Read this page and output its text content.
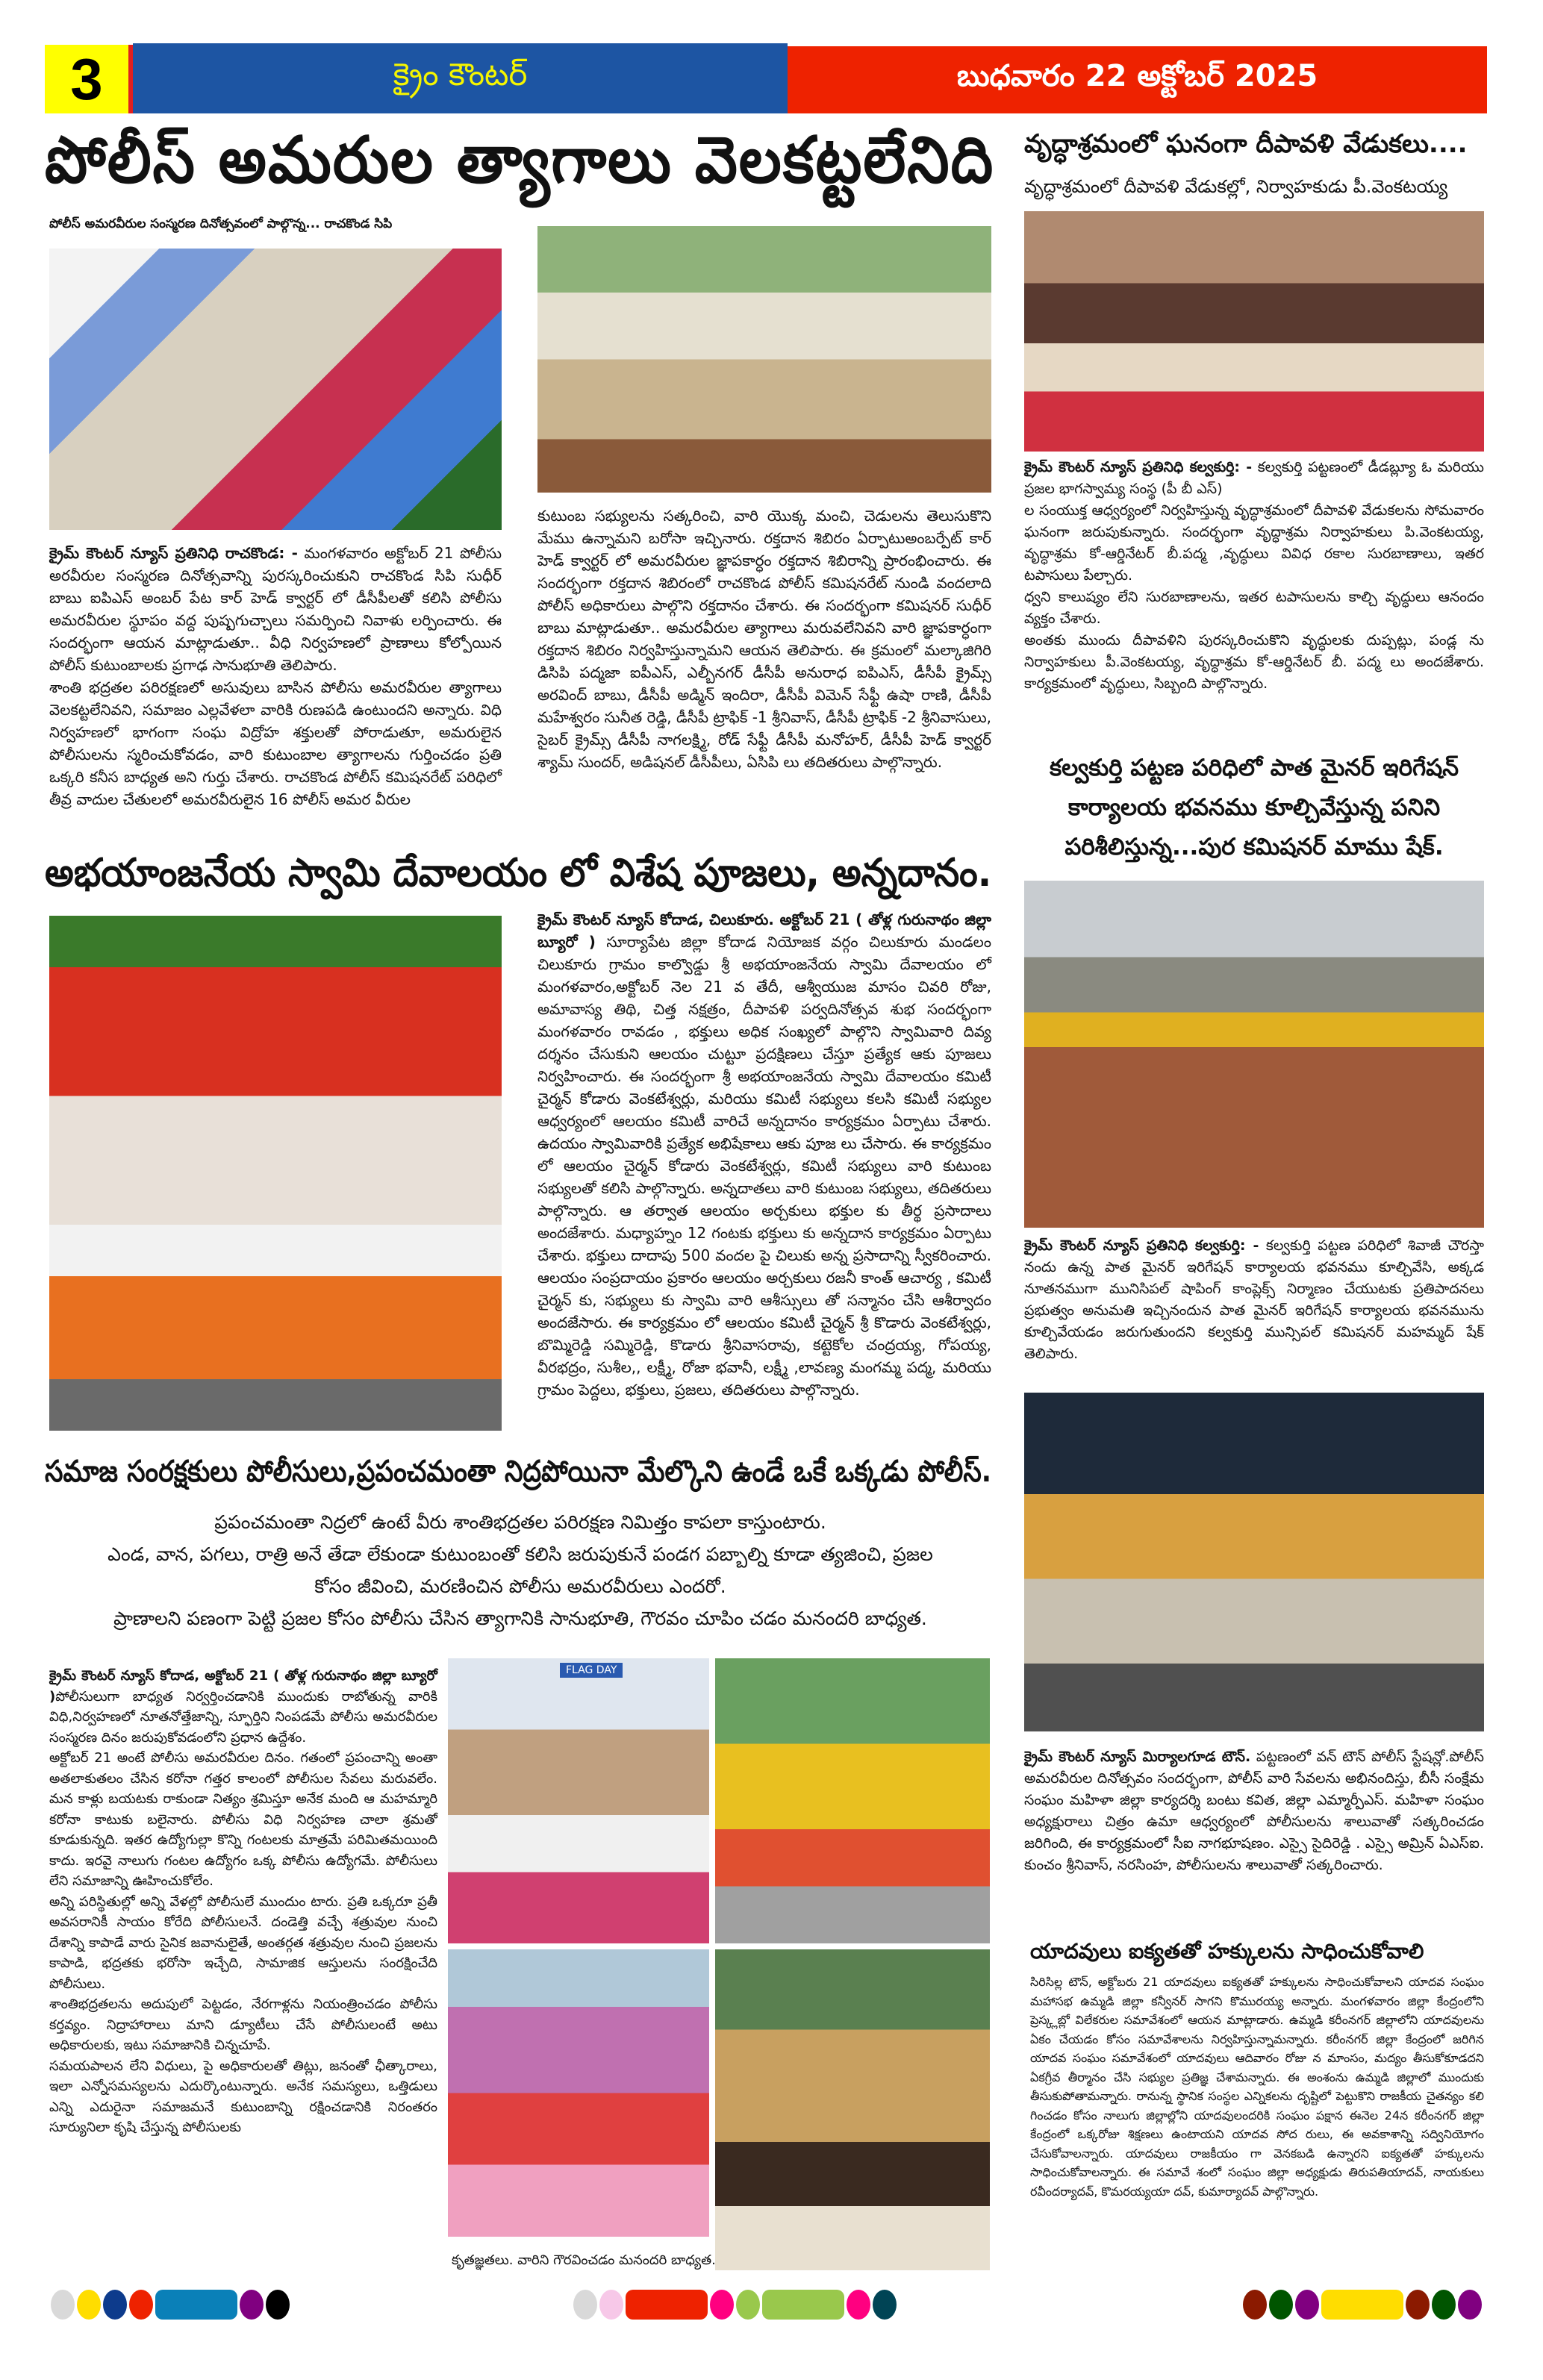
3	క్రైం కౌంటర్	బుధవారం 22 అక్టోబర్ 2025
పోలీస్ అమరుల త్యాగాలు వెలకట్టలేనిది
పోలీస్ అమరవీరుల సంస్మరణ దినోత్సవంలో పాల్గొన్న... రాచకొండ సిపి

క్రైమ్ కౌంటర్ న్యూస్ ప్రతినిధి రాచకొండ: - మంగళవారం అక్టోబర్ 21 పోలీసు అరవీరుల సంస్మరణ దినోత్సవాన్ని పురస్కరించుకుని రాచకొండ సిపి సుధీర్ బాబు ఐపిఎస్ అంబర్ పేట కార్ హెడ్ క్వార్టర్ లో డీసీపీలతో కలిసి పోలీసు అమరవీరుల స్థూపం వద్ద పుష్పగుచ్చాలు సమర్పించి నివాళు లర్పించారు. ఈ సందర్భంగా ఆయన మాట్లాడుతూ.. వీధి నిర్వహణలో ప్రాణాలు కోల్పోయిన పోలీస్ కుటుంబాలకు ప్రగాఢ సానుభూతి తెలిపారు.

శాంతి భద్రతల పరిరక్షణలో అసువులు బాసిన పోలీసు అమరవీరుల త్యాగాలు వెలకట్టలేనివని, సమాజం ఎల్లవేళలా వారికి రుణపడి ఉంటుందని అన్నారు. విధి నిర్వహణలో భాగంగా సంఘ విద్రోహ శక్తులతో పోరాడుతూ, అమరులైన పోలీసులను స్మరించుకోవడం, వారి కుటుంబాల త్యాగాలను గుర్తించడం ప్రతి ఒక్కరి కనీస బాధ్యత అని గుర్తు చేశారు. రాచకొండ పోలీస్ కమిషనరేట్ పరిధిలో తీవ్ర వాదుల చేతులలో అమరవీరులైన 16 పోలీస్ అమర వీరుల

కుటుంబ సభ్యులను సత్కరించి, వారి యొక్క మంచి, చెడులను తెలుసుకొని మేము ఉన్నామని బరోసా ఇచ్చినారు. రక్తదాన శిబిరం ఏర్పాటుఅంబర్పేట్ కార్ హెడ్ క్వార్టర్ లో అమరవీరుల జ్ఞాపకార్ధం రక్తదాన శిబిరాన్ని ప్రారంభించారు. ఈ సందర్భంగా రక్తదాన శిబిరంలో రాచకొండ పోలీస్ కమిషనరేట్ నుండి వందలాది పోలీస్ అధికారులు పాల్గొని రక్తదానం చేశారు. ఈ సందర్భంగా కమిషనర్ సుధీర్ బాబు మాట్లాడుతూ.. అమరవీరుల త్యాగాలు మరువలేనివని వారి జ్ఞాపకార్ధంగా రక్తదాన శిబిరం నిర్వహిస్తున్నామని ఆయన తెలిపారు. ఈ క్రమంలో మల్కాజిగిరి డిసిపి పద్మజా ఐపీఎస్, ఎల్బీనగర్ డీసీపీ అనురాధ ఐపిఎస్, డీసీపీ క్రైమ్స్ అరవింద్ బాబు, డీసీపీ అడ్మిన్ ఇందిరా, డీసీపీ విమెన్ సేఫ్టీ ఉషా రాణి, డీసీపీ మహేశ్వరం సునీత రెడ్డి, డీసీపీ ట్రాఫిక్ -1 శ్రీనివాస్, డీసీపీ ట్రాఫిక్ -2 శ్రీనివాసులు, సైబర్ క్రైమ్స్ డీసీపీ నాగలక్ష్మి, రోడ్ సేఫ్టీ డీసీపీ మనోహర్, డీసీపీ హెడ్ క్వార్టర్ శ్యామ్ సుందర్, అడిషనల్ డీసీపీలు, ఏసిపి లు తదితరులు పాల్గొన్నారు.

అభయాంజనేయ స్వామి దేవాలయం లో విశేష పూజలు, అన్నదానం.

క్రైమ్ కౌంటర్ న్యూస్ కోదాడ, చిలుకూరు. అక్టోబర్ 21 ( తోళ్ల గురునాథం జిల్లా బ్యూరో ) సూర్యాపేట జిల్లా కోదాడ నియోజక వర్గం చిలుకూరు మండలం చిలుకూరు గ్రామం కాల్వొడ్డు శ్రీ అభయాంజనేయ స్వామి దేవాలయం లో మంగళవారం,అక్టోబర్ నెల 21 వ తేదీ, ఆశ్వీయుజ మాసం చివరి రోజు, అమావాస్య తిథి, చిత్త నక్షత్రం, దీపావళి పర్వదినోత్సవ శుభ సందర్భంగా మంగళవారం రావడం , భక్తులు అధిక సంఖ్యలో పాల్గొని స్వామివారి దివ్య దర్శనం చేసుకుని ఆలయం చుట్టూ ప్రదక్షిణలు చేస్తూ ప్రత్యేక ఆకు పూజలు నిర్వహించారు. ఈ సందర్భంగా శ్రీ అభయాంజనేయ స్వామి దేవాలయం కమిటీ చైర్మన్ కోడారు వెంకటేశ్వర్లు, మరియు కమిటీ సభ్యులు కలసి కమిటీ సభ్యుల ఆధ్వర్యంలో ఆలయం కమిటీ వారిచే అన్నదానం కార్యక్రమం ఏర్పాటు చేశారు. ఉదయం స్వామివారికి ప్రత్యేక అభిషేకాలు ఆకు పూజ లు చేసారు. ఈ కార్యక్రమం లో ఆలయం చైర్మన్ కోడారు వెంకటేశ్వర్లు, కమిటీ సభ్యులు వారి కుటుంబ సభ్యులతో కలిసి పాల్గొన్నారు. అన్నదాతలు వారి కుటుంబ సభ్యులు, తదితరులు పాల్గొన్నారు. ఆ తర్వాత ఆలయం అర్చకులు భక్తుల కు తీర్థ ప్రసాదాలు అందజేశారు. మధ్యాహ్నం 12 గంటకు భక్తులు కు అన్నదాన కార్యక్రమం ఏర్పాటు చేశారు. భక్తులు దాదాపు 500 వందల పై చిలుకు అన్న ప్రసాదాన్ని స్వీకరించారు. ఆలయం సంప్రదాయం ప్రకారం ఆలయం అర్చకులు రజనీ కాంత్ ఆచార్య , కమిటీ చైర్మన్ కు, సభ్యులు కు స్వామి వారి ఆశీస్సులు తో సన్మానం చేసి ఆశీర్వాదం అందజేసారు. ఈ కార్యక్రమం లో ఆలయం కమిటీ చైర్మన్ శ్రీ కొడారు వెంకటేశ్వర్లు, బొమ్మిరెడ్డి సమ్మిరెడ్డి, కొడారు శ్రీనివాసరావు, కట్టెకోల చంద్రయ్య, గోపయ్య, వీరభద్రం, సుశీల,, లక్ష్మీ, రోజా భవానీ, లక్ష్మీ ,లావణ్య మంగమ్మ పద్మ, మరియు గ్రామం పెద్దలు, భక్తులు, ప్రజలు, తదితరులు పాల్గొన్నారు.

సమాజ సంరక్షకులు పోలీసులు,ప్రపంచమంతా నిద్రపోయినా మేల్కొని ఉండే ఒకే ఒక్కడు పోలీస్.
ప్రపంచమంతా నిద్రలో ఉంటే వీరు శాంతిభద్రతల పరిరక్షణ నిమిత్తం కాపలా కాస్తుంటారు.
ఎండ, వాన, పగలు, రాత్రి అనే తేడా లేకుండా కుటుంబంతో కలిసి జరుపుకునే పండగ పబ్బాల్ని కూడా త్యజించి, ప్రజల
కోసం జీవించి, మరణించిన పోలీసు అమరవీరులు ఎందరో.
ప్రాణాలని పణంగా పెట్టి ప్రజల కోసం పోలీసు చేసిన త్యాగానికి సానుభూతి, గౌరవం చూపిం చడం మనందరి బాధ్యత.

క్రైమ్ కౌంటర్ న్యూస్ కోదాడ, అక్టోబర్ 21 ( తోళ్ల గురునాథం జిల్లా బ్యూరో )పోలీసులుగా బాధ్యత నిర్వర్తించడానికి ముందుకు రాబోతున్న వారికి విధి,నిర్వహణలో నూతనోత్తేజాన్ని, స్ఫూర్తిని నింపడమే పోలీసు అమరవీరుల సంస్మరణ దినం జరుపుకోవడంలోని ప్రధాన ఉద్దేశం.

అక్టోబర్ 21 అంటే పోలీసు అమరవీరుల దినం. గతంలో ప్రపంచాన్ని అంతా అతలాకుతలం చేసిన కరోనా గత్తర కాలంలో పోలీసుల సేవలు మరువలేం. మన కాళ్లు బయటకు రాకుండా నిత్యం శ్రమిస్తూ అనేక మంది ఆ మహమ్మారి కరోనా కాటుకు బలైనారు. పోలీసు విధి నిర్వహణ చాలా శ్రమతో కూడుకున్నది. ఇతర ఉద్యోగుల్లా కొన్ని గంటలకు మాత్రమే పరిమితమయింది కాదు. ఇరవై నాలుగు గంటల ఉద్యోగం ఒక్క పోలీసు ఉద్యోగమే. పోలీసులు లేని సమాజాన్ని ఊహించుకోలేం.

అన్ని పరిస్థితుల్లో అన్ని వేళల్లో పోలీసులే ముందుం టారు. ప్రతి ఒక్కరూ ప్రతీ అవసరానికీ సాయం కోరేది పోలీసులనే. దండెత్తి వచ్చే శత్రువుల నుంచి దేశాన్ని కాపాడే వారు సైనిక జవానులైతే, అంతర్గత శత్రువుల నుంచి ప్రజలను కాపాడి, భద్రతకు భరోసా ఇచ్చేది, సామాజిక ఆస్తులను సంరక్షించేది పోలీసులు.

శాంతిభద్రతలను అదుపులో పెట్టడం, నేరగాళ్లను నియంత్రించడం పోలీసు కర్తవ్యం. నిద్రాహారాలు మాని డ్యూటీలు చేసే పోలీసులంటే అటు అధికారులకు, ఇటు సమాజానికి చిన్నచూపే.

సమయపాలన లేని విధులు, పై అధికారులతో తిట్లు, జనంతో ఛీత్కారాలు, ఇలా ఎన్నోసమస్యలను ఎదుర్కొంటున్నారు. అనేక సమస్యలు, ఒత్తిడులు ఎన్ని ఎదురైనా సమాజమనే కుటుంబాన్ని రక్షించడానికి నిరంతరం సూర్యునిలా కృషి చేస్తున్న పోలీసులకు

FLAG DAY
కృతజ్ఞతలు. వారిని గౌరవించడం మనందరి బాధ్యత.
వృద్ధాశ్రమంలో ఘనంగా దీపావళి వేడుకలు....
వృద్ధాశ్రమంలో దీపావళి వేడుకల్లో, నిర్వాహకుడు పీ.వెంకటయ్య

క్రైమ్ కౌంటర్ న్యూస్ ప్రతినిధి కల్వకుర్తి: - కల్వకుర్తి పట్టణంలో డీడబ్ల్యూ ఓ మరియు ప్రజల భాగస్వామ్య సంస్థ (పీ బీ ఎస్)

ల సంయుక్త ఆధ్వర్యంలో నిర్వహిస్తున్న వృద్ధాశ్రమంలో దీపావళి వేడుకలను సోమవారం ఘనంగా జరుపుకున్నారు. సందర్భంగా వృద్ధాశ్రమ నిర్వాహకులు పి.వెంకటయ్య, వృద్ధాశ్రమ కో-ఆర్డినేటర్ బీ.పద్మ ,వృద్ధులు వివిధ రకాల సురబాణాలు, ఇతర టపాసులు పేల్చారు.

ధ్వని కాలుష్యం లేని సురబాణాలను, ఇతర టపాసులను కాల్చి వృద్ధులు ఆనందం వ్యక్తం చేశారు.

అంతకు ముందు దీపావళిని పురస్కరించుకొని వృద్ధులకు దుప్పట్లు, పండ్ల ను నిర్వాహకులు పీ.వెంకటయ్య, వృద్ధాశ్రమ కో-ఆర్డినేటర్ బీ. పద్మ లు అందజేశారు. కార్యక్రమంలో వృద్ధులు, సిబ్బంది పాల్గొన్నారు.

కల్వకుర్తి పట్టణ పరిధిలో పాత మైనర్ ఇరిగేషన్ కార్యాలయ భవనము కూల్చివేస్తున్న పనిని పరిశీలిస్తున్న...పుర కమిషనర్ మాము షేక్.

క్రైమ్ కౌంటర్ న్యూస్ ప్రతినిధి కల్వకుర్తి: - కల్వకుర్తి పట్టణ పరిధిలో శివాజీ చౌరస్తా నందు ఉన్న పాత మైనర్ ఇరిగేషన్ కార్యాలయ భవనము కూల్చివేసి, అక్కడ నూతనముగా మునిసిపల్ షాపింగ్ కాంప్లెక్స్ నిర్మాణం చేయుటకు ప్రతిపాదనలు ప్రభుత్వం అనుమతి ఇచ్చినందున పాత మైనర్ ఇరిగేషన్ కార్యాలయ భవనమును కూల్చివేయడం జరుగుతుందని కల్వకుర్తి మున్సిపల్ కమిషనర్ మహమ్మద్ షేక్ తెలిపారు.

క్రైమ్ కౌంటర్ న్యూస్ మిర్యాలగూడ టౌన్. పట్టణంలో వన్ టౌన్ పోలీస్ స్టేషన్లో.పోలీస్ అమరవీరుల దినోత్సవం సందర్భంగా, పోలీస్ వారి సేవలను అభినందిస్తు, బీసీ సంక్షేమ సంఘం మహిళా జిల్లా కార్యదర్శి బంటు కవిత, జిల్లా ఎమ్మార్పీఎస్. మహిళా సంఘం అధ్యక్షురాలు చిత్రం ఉమా ఆధ్వర్యంలో పోలీసులను శాలువాతో సత్కరించడం జరిగింది, ఈ కార్యక్రమంలో సీఐ నాగభూషణం. ఎస్సై సైదిరెడ్డి . ఎస్సై అమ్రిన్ ఏఎస్ఐ. కుంచం శ్రీనివాస్, నరసింహ, పోలీసులను శాలువాతో సత్కరించారు.

యాదవులు ఐక్యతతో హక్కులను సాధించుకోవాలి

సిరిసిల్ల టౌన్, అక్టోబరు 21 యాదవులు ఐక్యతతో హక్కులను సాధించుకోవాలని యాదవ సంఘం మహాసభ ఉమ్మడి జిల్లా కన్వీనర్ సాగని కొమురయ్య అన్నారు. మంగళవారం జిల్లా కేంద్రంలోని ప్రెస్క్లబ్లో విలేకరుల సమావేశంలో ఆయన మాట్లాడారు. ఉమ్మడి కరీంనగర్ జిల్లాలోని యాదవులను ఏకం చేయడం కోసం సమావేశాలను నిర్వహిస్తున్నామన్నారు. కరీంనగర్ జిల్లా కేంద్రంలో జరిగిన యాదవ సంఘం సమావేశంలో యాదవులు ఆదివారం రోజు న మాంసం, మద్యం తీసుకోకూడదని ఏకగ్రీవ తీర్మానం చేసి సభ్యుల ప్రతిజ్ఞ చేశామన్నారు. ఈ అంశంను ఉమ్మడి జిల్లాలో ముందుకు తీసుకుపోతామన్నారు. రానున్న స్థానిక సంస్థల ఎన్నికలను దృష్టిలో పెట్టుకొని రాజకీయ చైతన్యం కలి గించడం కోసం నాలుగు జిల్లాల్లోని యాదవులందరికి సంఘం పక్షాన ఈనెల 24న కరీంనగర్ జిల్లా కేంద్రంలో ఒక్కరోజు శిక్షణలు ఉంటాయని యాదవ సోద రులు, ఈ అవకాశాన్ని సద్వినియోగం చేసుకోవాలన్నారు. యాదవులు రాజకీయం గా వెనకబడి ఉన్నారని ఐక్యతతో హక్కులను సాధించుకోవాలన్నారు. ఈ సమావే శంలో సంఘం జిల్లా అధ్యక్షుడు తిరుపతియాదవ్, నాయకులు రవీందర్యాదవ్, కొమరయ్యయా దవ్, కుమార్యాదవ్ పాల్గొన్నారు.
